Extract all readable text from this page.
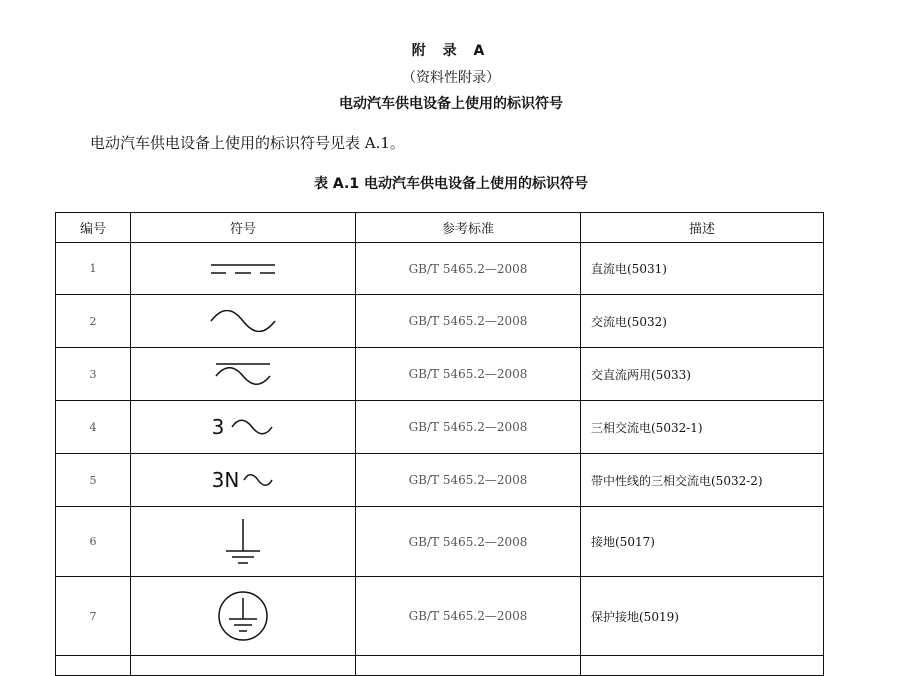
附 录 A
（资料性附录）
电动汽车供电设备上使用的标识符号
电动汽车供电设备上使用的标识符号见表 A.1。
表 A.1 电动汽车供电设备上使用的标识符号
编号	符号	参考标准	描述
1		GB/T 5465.2—2008	直流电(5031)
2		GB/T 5465.2—2008	交流电(5032)
3		GB/T 5465.2—2008	交直流两用(5033)
4	3	GB/T 5465.2—2008	三相交流电(5032-1)
5	3N	GB/T 5465.2—2008	带中性线的三相交流电(5032-2)
6		GB/T 5465.2—2008	接地(5017)
7		GB/T 5465.2—2008	保护接地(5019)
